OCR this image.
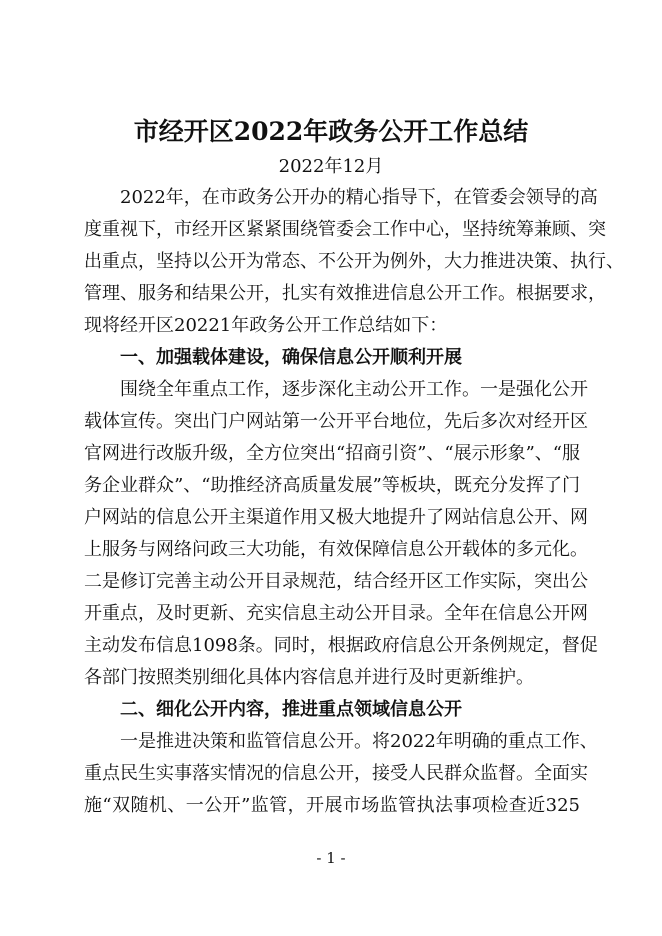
市经开区2022年政务公开工作总结
2022年12月
2022年，在市政务公开办的精心指导下，在管委会领导的高
度重视下，市经开区紧紧围绕管委会工作中心，坚持统筹兼顾、突
出重点，坚持以公开为常态、不公开为例外，大力推进决策、执行、
管理、服务和结果公开，扎实有效推进信息公开工作。根据要求，
现将经开区20221年政务公开工作总结如下：
一、加强载体建设，确保信息公开顺利开展
围绕全年重点工作，逐步深化主动公开工作。一是强化公开
载体宣传。突出门户网站第一公开平台地位，先后多次对经开区
官网进行改版升级，全方位突出“招商引资”、“展示形象”、“服
务企业群众”、“助推经济高质量发展”等板块，既充分发挥了门
户网站的信息公开主渠道作用又极大地提升了网站信息公开、网
上服务与网络问政三大功能，有效保障信息公开载体的多元化。
二是修订完善主动公开目录规范，结合经开区工作实际，突出公
开重点，及时更新、充实信息主动公开目录。全年在信息公开网
主动发布信息1098条。同时，根据政府信息公开条例规定，督促
各部门按照类别细化具体内容信息并进行及时更新维护。
二、细化公开内容，推进重点领域信息公开
一是推进决策和监管信息公开。将2022年明确的重点工作、
重点民生实事落实情况的信息公开，接受人民群众监督。全面实
施“双随机、一公开”监管，开展市场监管执法事项检查近325
- 1 -
